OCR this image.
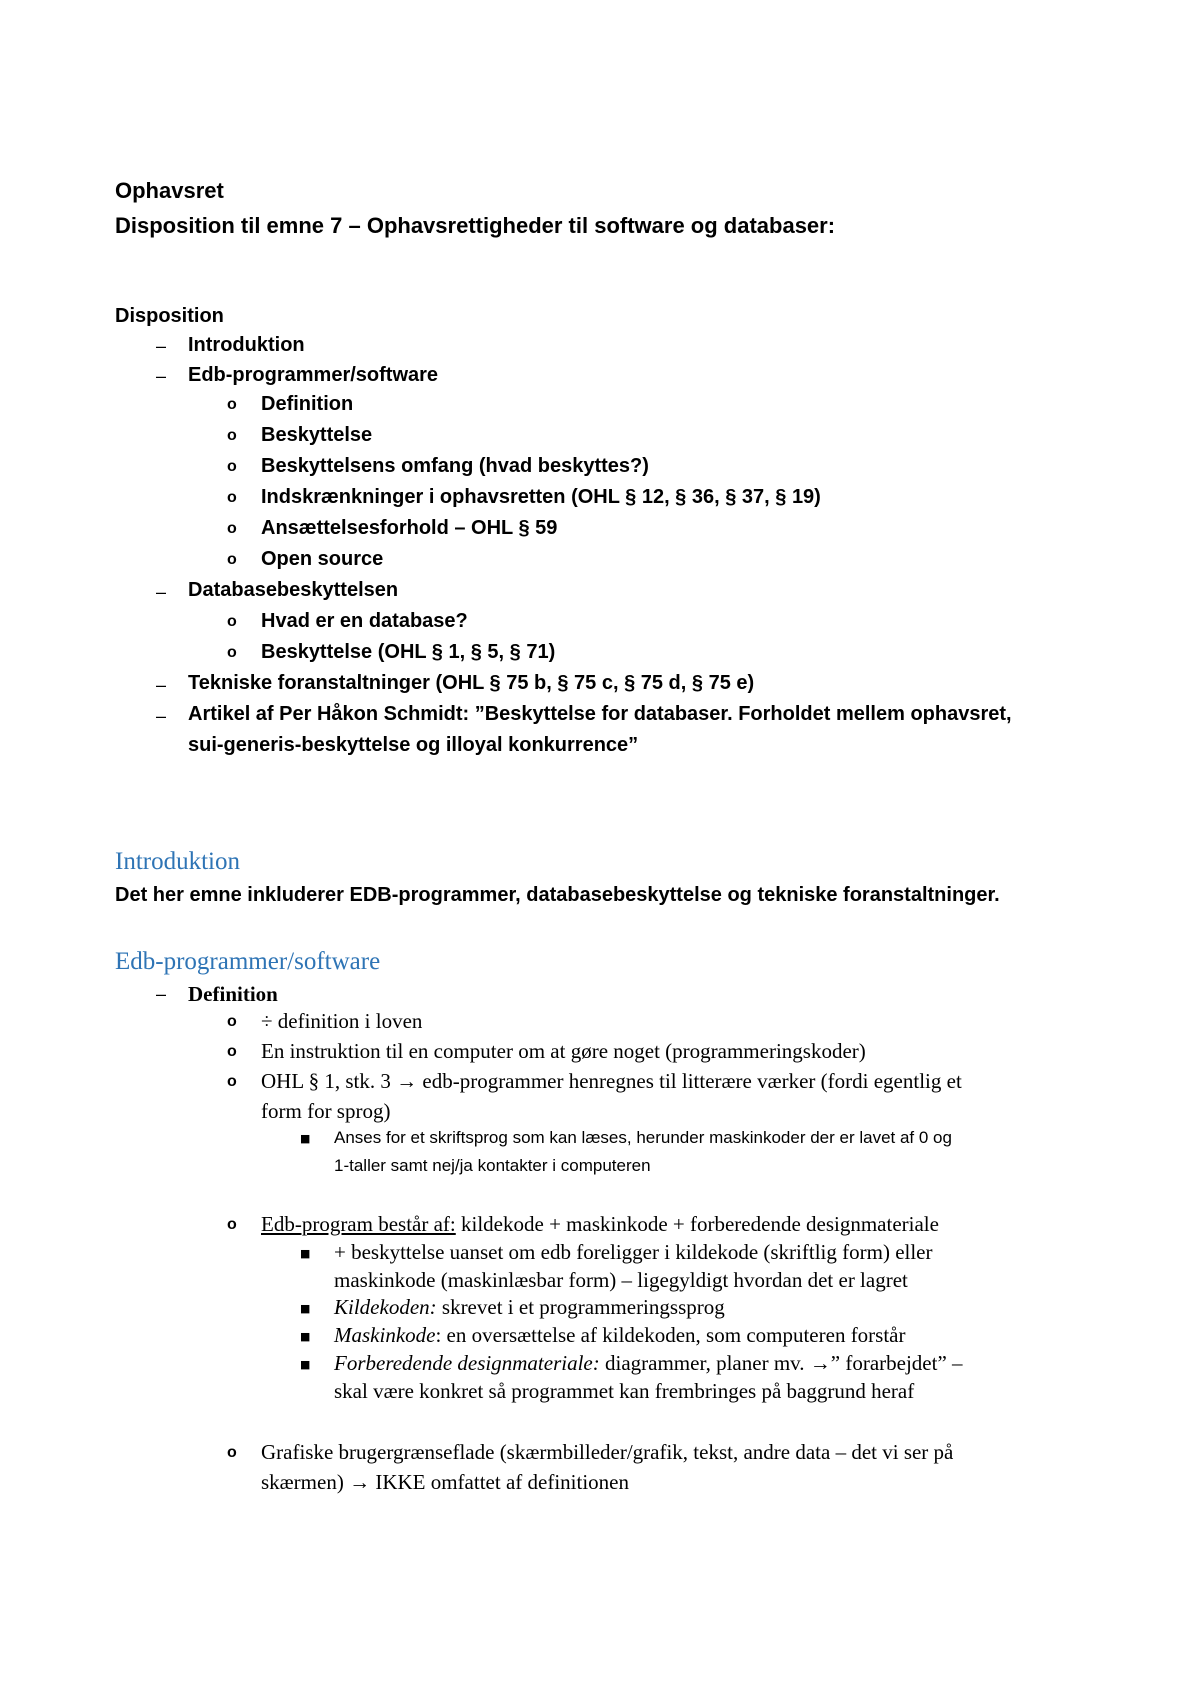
Ophavsret
Disposition til emne 7 – Ophavsrettigheder til software og databaser:
Disposition
– Introduktion
– Edb-programmer/software
o Definition
o Beskyttelse
o Beskyttelsens omfang (hvad beskyttes?)
o Indskrænkninger i ophavsretten (OHL § 12, § 36, § 37, § 19)
o Ansættelsesforhold – OHL § 59
o Open source
– Databasebeskyttelsen
o Hvad er en database?
o Beskyttelse (OHL § 1, § 5, § 71)
– Tekniske foranstaltninger (OHL § 75 b, § 75 c, § 75 d, § 75 e)
– Artikel af Per Håkon Schmidt: ”Beskyttelse for databaser. Forholdet mellem ophavsret,
sui-generis-beskyttelse og illoyal konkurrence”
Introduktion
Det her emne inkluderer EDB-programmer, databasebeskyttelse og tekniske foranstaltninger.
Edb-programmer/software
– Definition
o ÷ definition i loven
o En instruktion til en computer om at gøre noget (programmeringskoder)
o OHL § 1, stk. 3 → edb-programmer henregnes til litterære værker (fordi egentlig et
form for sprog)
■ Anses for et skriftsprog som kan læses, herunder maskinkoder der er lavet af 0 og
1-taller samt nej/ja kontakter i computeren
o Edb-program består af: kildekode + maskinkode + forberedende designmateriale
■ + beskyttelse uanset om edb foreligger i kildekode (skriftlig form) eller
maskinkode (maskinlæsbar form) – ligegyldigt hvordan det er lagret
■ Kildekoden: skrevet i et programmeringssprog
■ Maskinkode: en oversættelse af kildekoden, som computeren forstår
■ Forberedende designmateriale: diagrammer, planer mv. →” forarbejdet” –
skal være konkret så programmet kan frembringes på baggrund heraf
o Grafiske brugergrænseflade (skærmbilleder/grafik, tekst, andre data – det vi ser på
skærmen) → IKKE omfattet af definitionen
